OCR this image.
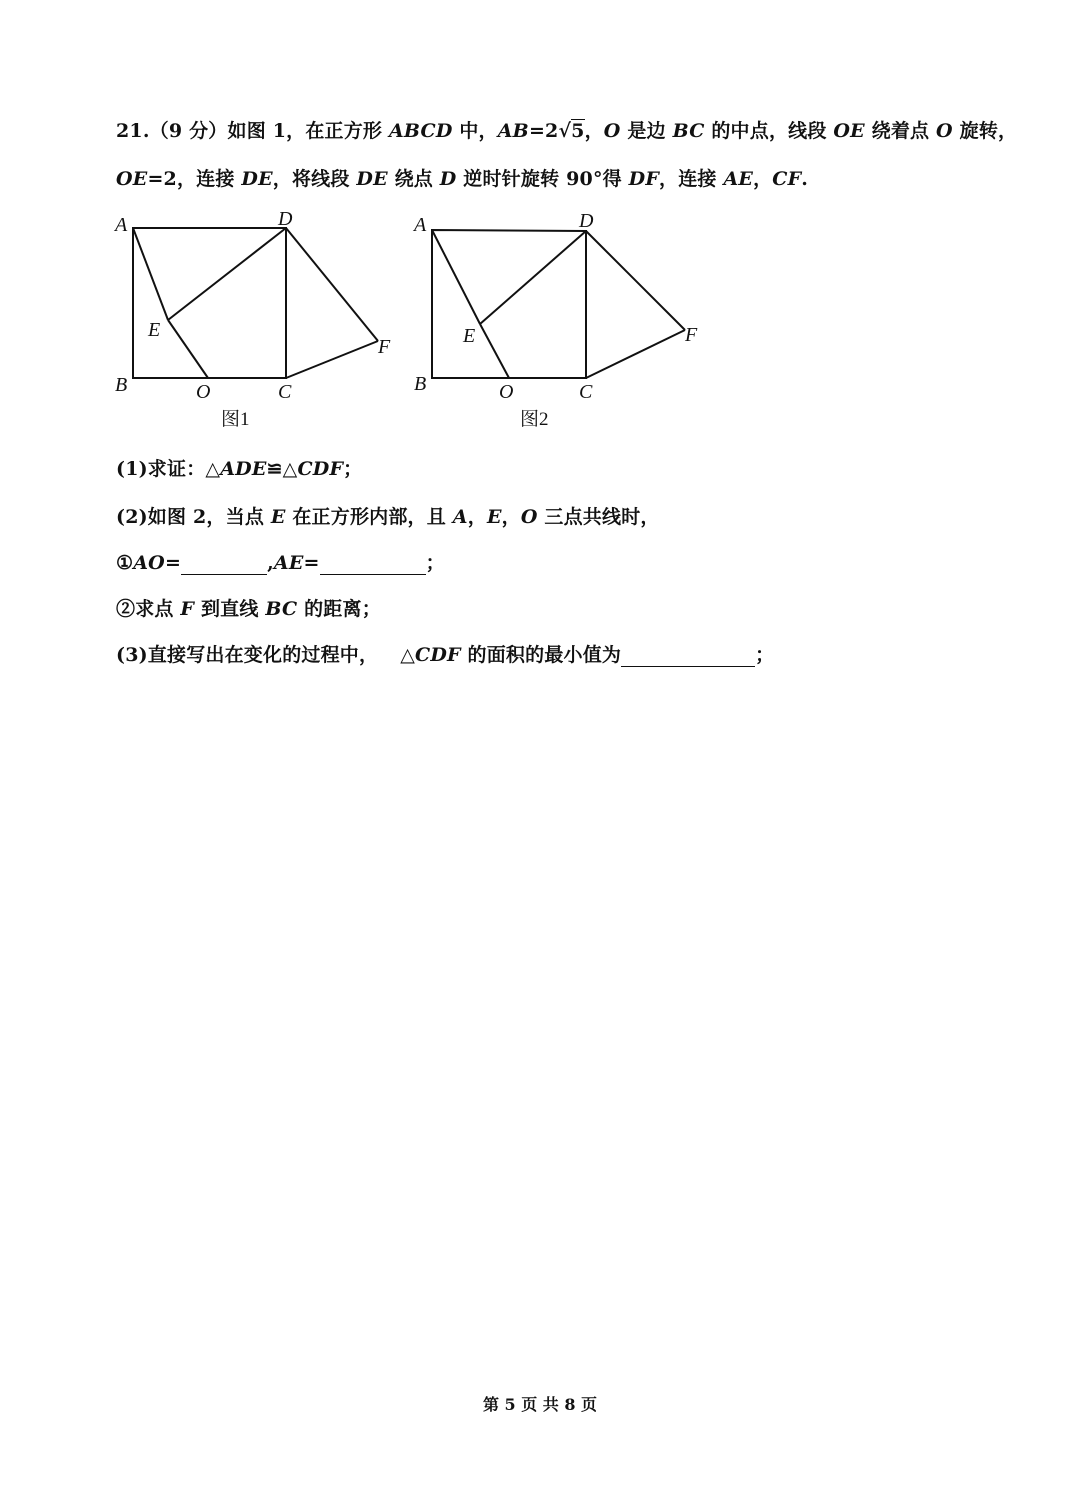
21.（9 分）如图 1，在正方形 ABCD 中，AB=2√5，O 是边 BC 的中点，线段 OE 绕着点 O 旋转，
OE=2，连接 DE，将线段 DE 绕点 D 逆时针旋转 90°得 DF，连接 AE，CF.
A	D
E
F
B	O	C
图1
A	D
E	F
B	O	C
图2
(1)求证：△ADE≌△CDF；
(2)如图 2，当点 E 在正方形内部，且 A，E，O 三点共线时，
①AO=	,AE=	；
②求点 F 到直线 BC 的距离；
(3)直接写出在变化的过程中， △CDF 的面积的最小值为	；
第 5 页 共 8 页
